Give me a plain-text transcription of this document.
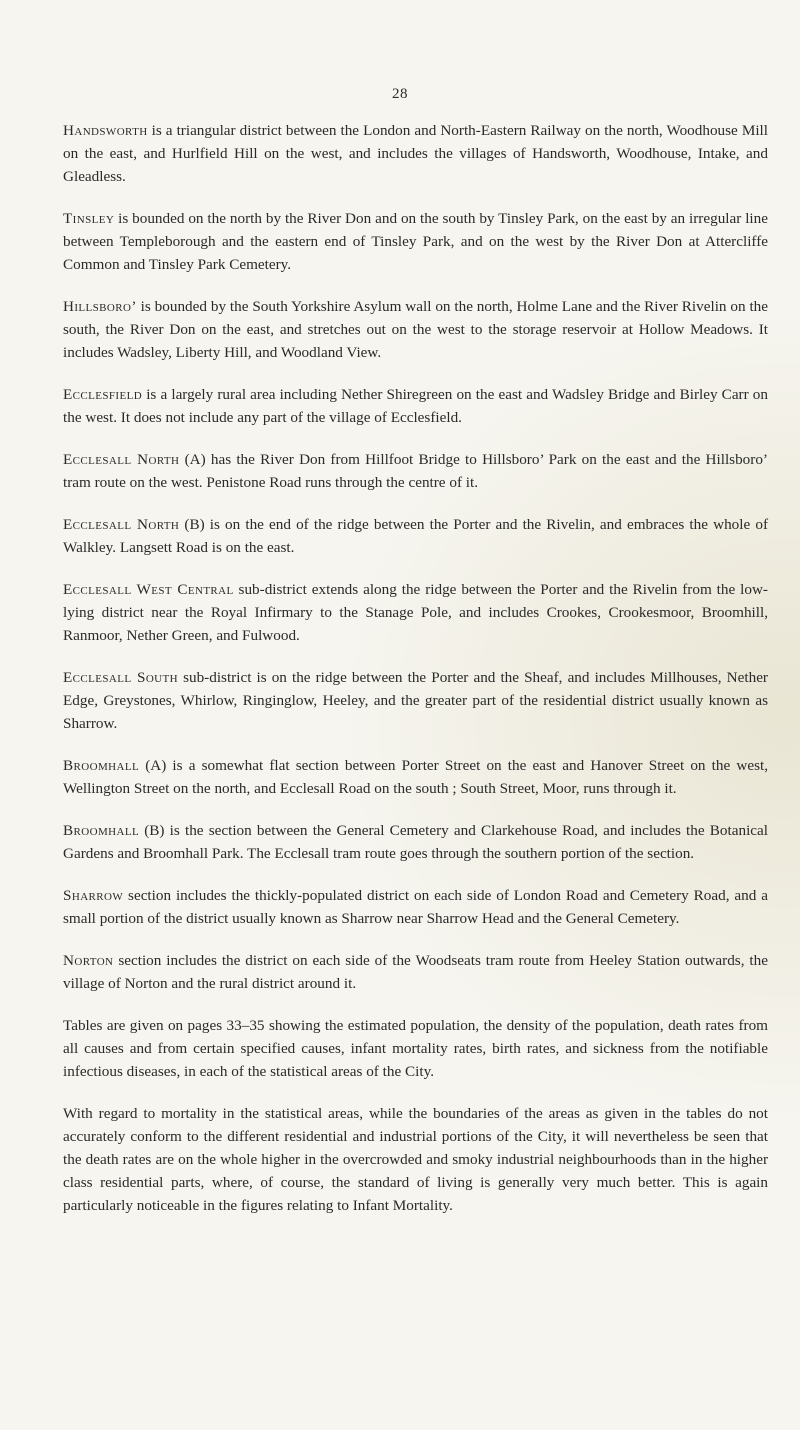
28

Handsworth is a triangular district between the London and North-Eastern Railway on the north, Woodhouse Mill on the east, and Hurlfield Hill on the west, and includes the villages of Handsworth, Woodhouse, Intake, and Gleadless.

Tinsley is bounded on the north by the River Don and on the south by Tinsley Park, on the east by an irregular line between Templeborough and the eastern end of Tinsley Park, and on the west by the River Don at Attercliffe Common and Tinsley Park Cemetery.

Hillsboro’ is bounded by the South Yorkshire Asylum wall on the north, Holme Lane and the River Rivelin on the south, the River Don on the east, and stretches out on the west to the storage reservoir at Hollow Meadows. It includes Wadsley, Liberty Hill, and Woodland View.

Ecclesfield is a largely rural area including Nether Shiregreen on the east and Wadsley Bridge and Birley Carr on the west. It does not include any part of the village of Ecclesfield.

Ecclesall North (A) has the River Don from Hillfoot Bridge to Hillsboro’ Park on the east and the Hillsboro’ tram route on the west. Penistone Road runs through the centre of it.

Ecclesall North (B) is on the end of the ridge between the Porter and the Rivelin, and embraces the whole of Walkley. Langsett Road is on the east.

Ecclesall West Central sub-district extends along the ridge between the Porter and the Rivelin from the low-lying district near the Royal Infirmary to the Stanage Pole, and includes Crookes, Crookesmoor, Broomhill, Ranmoor, Nether Green, and Fulwood.

Ecclesall South sub-district is on the ridge between the Porter and the Sheaf, and includes Millhouses, Nether Edge, Greystones, Whirlow, Ringinglow, Heeley, and the greater part of the residential district usually known as Sharrow.

Broomhall (A) is a somewhat flat section between Porter Street on the east and Hanover Street on the west, Wellington Street on the north, and Ecclesall Road on the south ; South Street, Moor, runs through it.

Broomhall (B) is the section between the General Cemetery and Clarkehouse Road, and includes the Botanical Gardens and Broomhall Park. The Ecclesall tram route goes through the southern portion of the section.

Sharrow section includes the thickly-populated district on each side of London Road and Cemetery Road, and a small portion of the district usually known as Sharrow near Sharrow Head and the General Cemetery.

Norton section includes the district on each side of the Woodseats tram route from Heeley Station outwards, the village of Norton and the rural district around it.

Tables are given on pages 33–35 showing the estimated population, the density of the population, death rates from all causes and from certain specified causes, infant mortality rates, birth rates, and sickness from the notifiable infectious diseases, in each of the statistical areas of the City.

With regard to mortality in the statistical areas, while the boundaries of the areas as given in the tables do not accurately conform to the different residential and industrial portions of the City, it will nevertheless be seen that the death rates are on the whole higher in the overcrowded and smoky industrial neighbourhoods than in the higher class residential parts, where, of course, the standard of living is generally very much better. This is again particularly noticeable in the figures relating to Infant Mortality.
